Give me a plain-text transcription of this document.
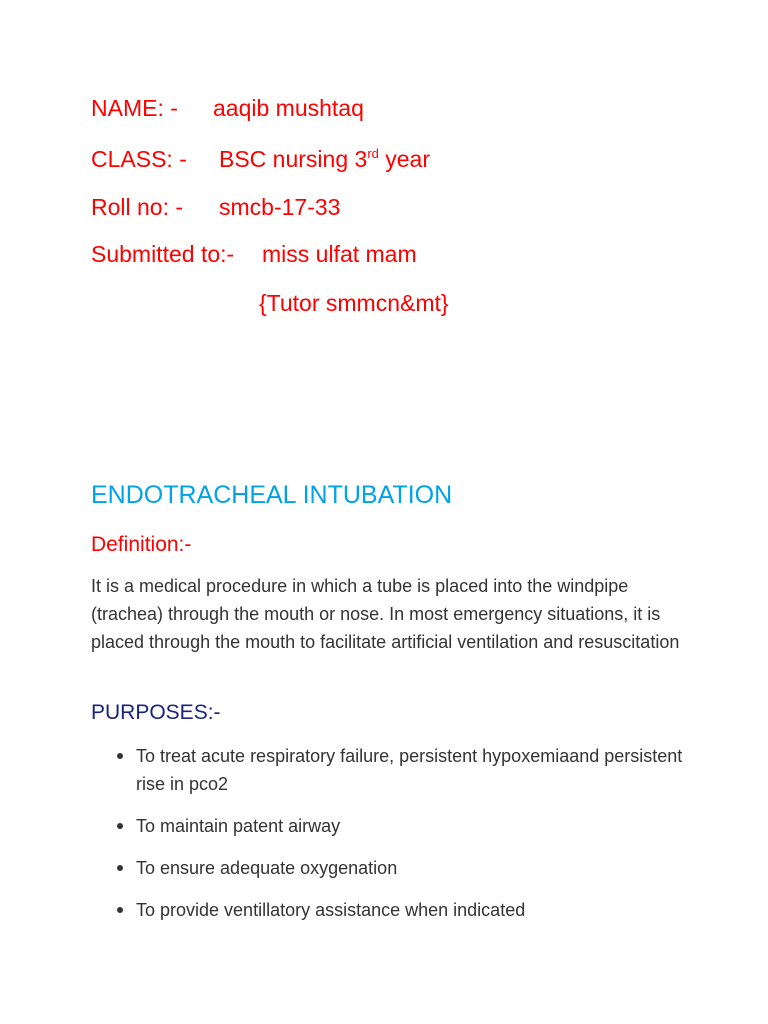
NAME: - aaqib mushtaq
CLASS: - BSC nursing 3rd year
Roll no: - smcb-17-33
Submitted to:- miss ulfat mam
{Tutor smmcn&mt}
ENDOTRACHEAL INTUBATION
Definition:-
It is a medical procedure in which a tube is placed into the windpipe (trachea) through the mouth or nose. In most emergency situations, it is placed through the mouth to facilitate artificial ventilation and resuscitation
PURPOSES:-
To treat acute respiratory failure, persistent hypoxemiaand persistent rise in pco2
To maintain patent airway
To ensure adequate oxygenation
To provide ventillatory assistance when indicated
